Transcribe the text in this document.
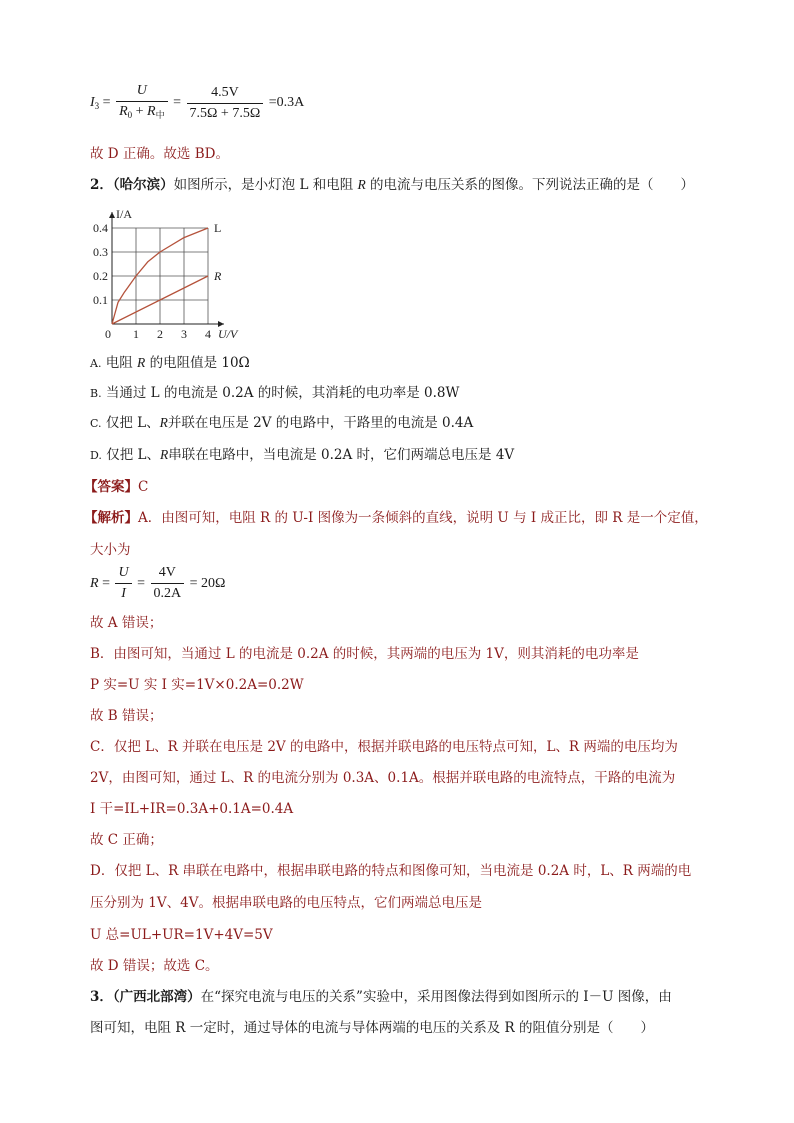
$I_3 = \frac{U}{R_0 + R_中} = \frac{4.5V}{7.5\Omega + 7.5\Omega} =0.3A$
故 D 正确。故选 BD。
2．（哈尔滨）如图所示，是小灯泡 L 和电阻 R 的电流与电压关系的图像。下列说法正确的是（　　）
0 1 2 3 4
0.1
0.2
0.3
0.4
I/A
U/V
L
R
A. 电阻 R 的电阻值是 10Ω
B. 当通过 L 的电流是 0.2A 的时候，其消耗的电功率是 0.8W
C. 仅把 L、R并联在电压是 2V 的电路中，干路里的电流是 0.4A
D. 仅把 L、R串联在电路中，当电流是 0.2A 时，它们两端总电压是 4V
【答案】C
【解析】A．由图可知，电阻 R 的 U-I 图像为一条倾斜的直线，说明 U 与 I 成正比，即 R 是一个定值，
大小为
$R = \frac{U}{I} = \frac{4V}{0.2A} = 20\Omega$
故 A 错误；
B．由图可知，当通过 L 的电流是 0.2A 的时候，其两端的电压为 1V，则其消耗的电功率是
P 实=U 实 I 实=1V×0.2A=0.2W
故 B 错误；
C．仅把 L、R 并联在电压是 2V 的电路中，根据并联电路的电压特点可知，L、R 两端的电压均为
2V，由图可知，通过 L、R 的电流分别为 0.3A、0.1A。根据并联电路的电流特点，干路的电流为
I 干=IL+IR=0.3A+0.1A=0.4A
故 C 正确；
D．仅把 L、R 串联在电路中，根据串联电路的特点和图像可知，当电流是 0.2A 时，L、R 两端的电
压分别为 1V、4V。根据串联电路的电压特点，它们两端总电压是
U 总=UL+UR=1V+4V=5V
故 D 错误；故选 C。
3．（广西北部湾）在“探究电流与电压的关系”实验中，采用图像法得到如图所示的 I－U 图像，由
图可知，电阻 R 一定时，通过导体的电流与导体两端的电压的关系及 R 的阻值分别是（　　）
